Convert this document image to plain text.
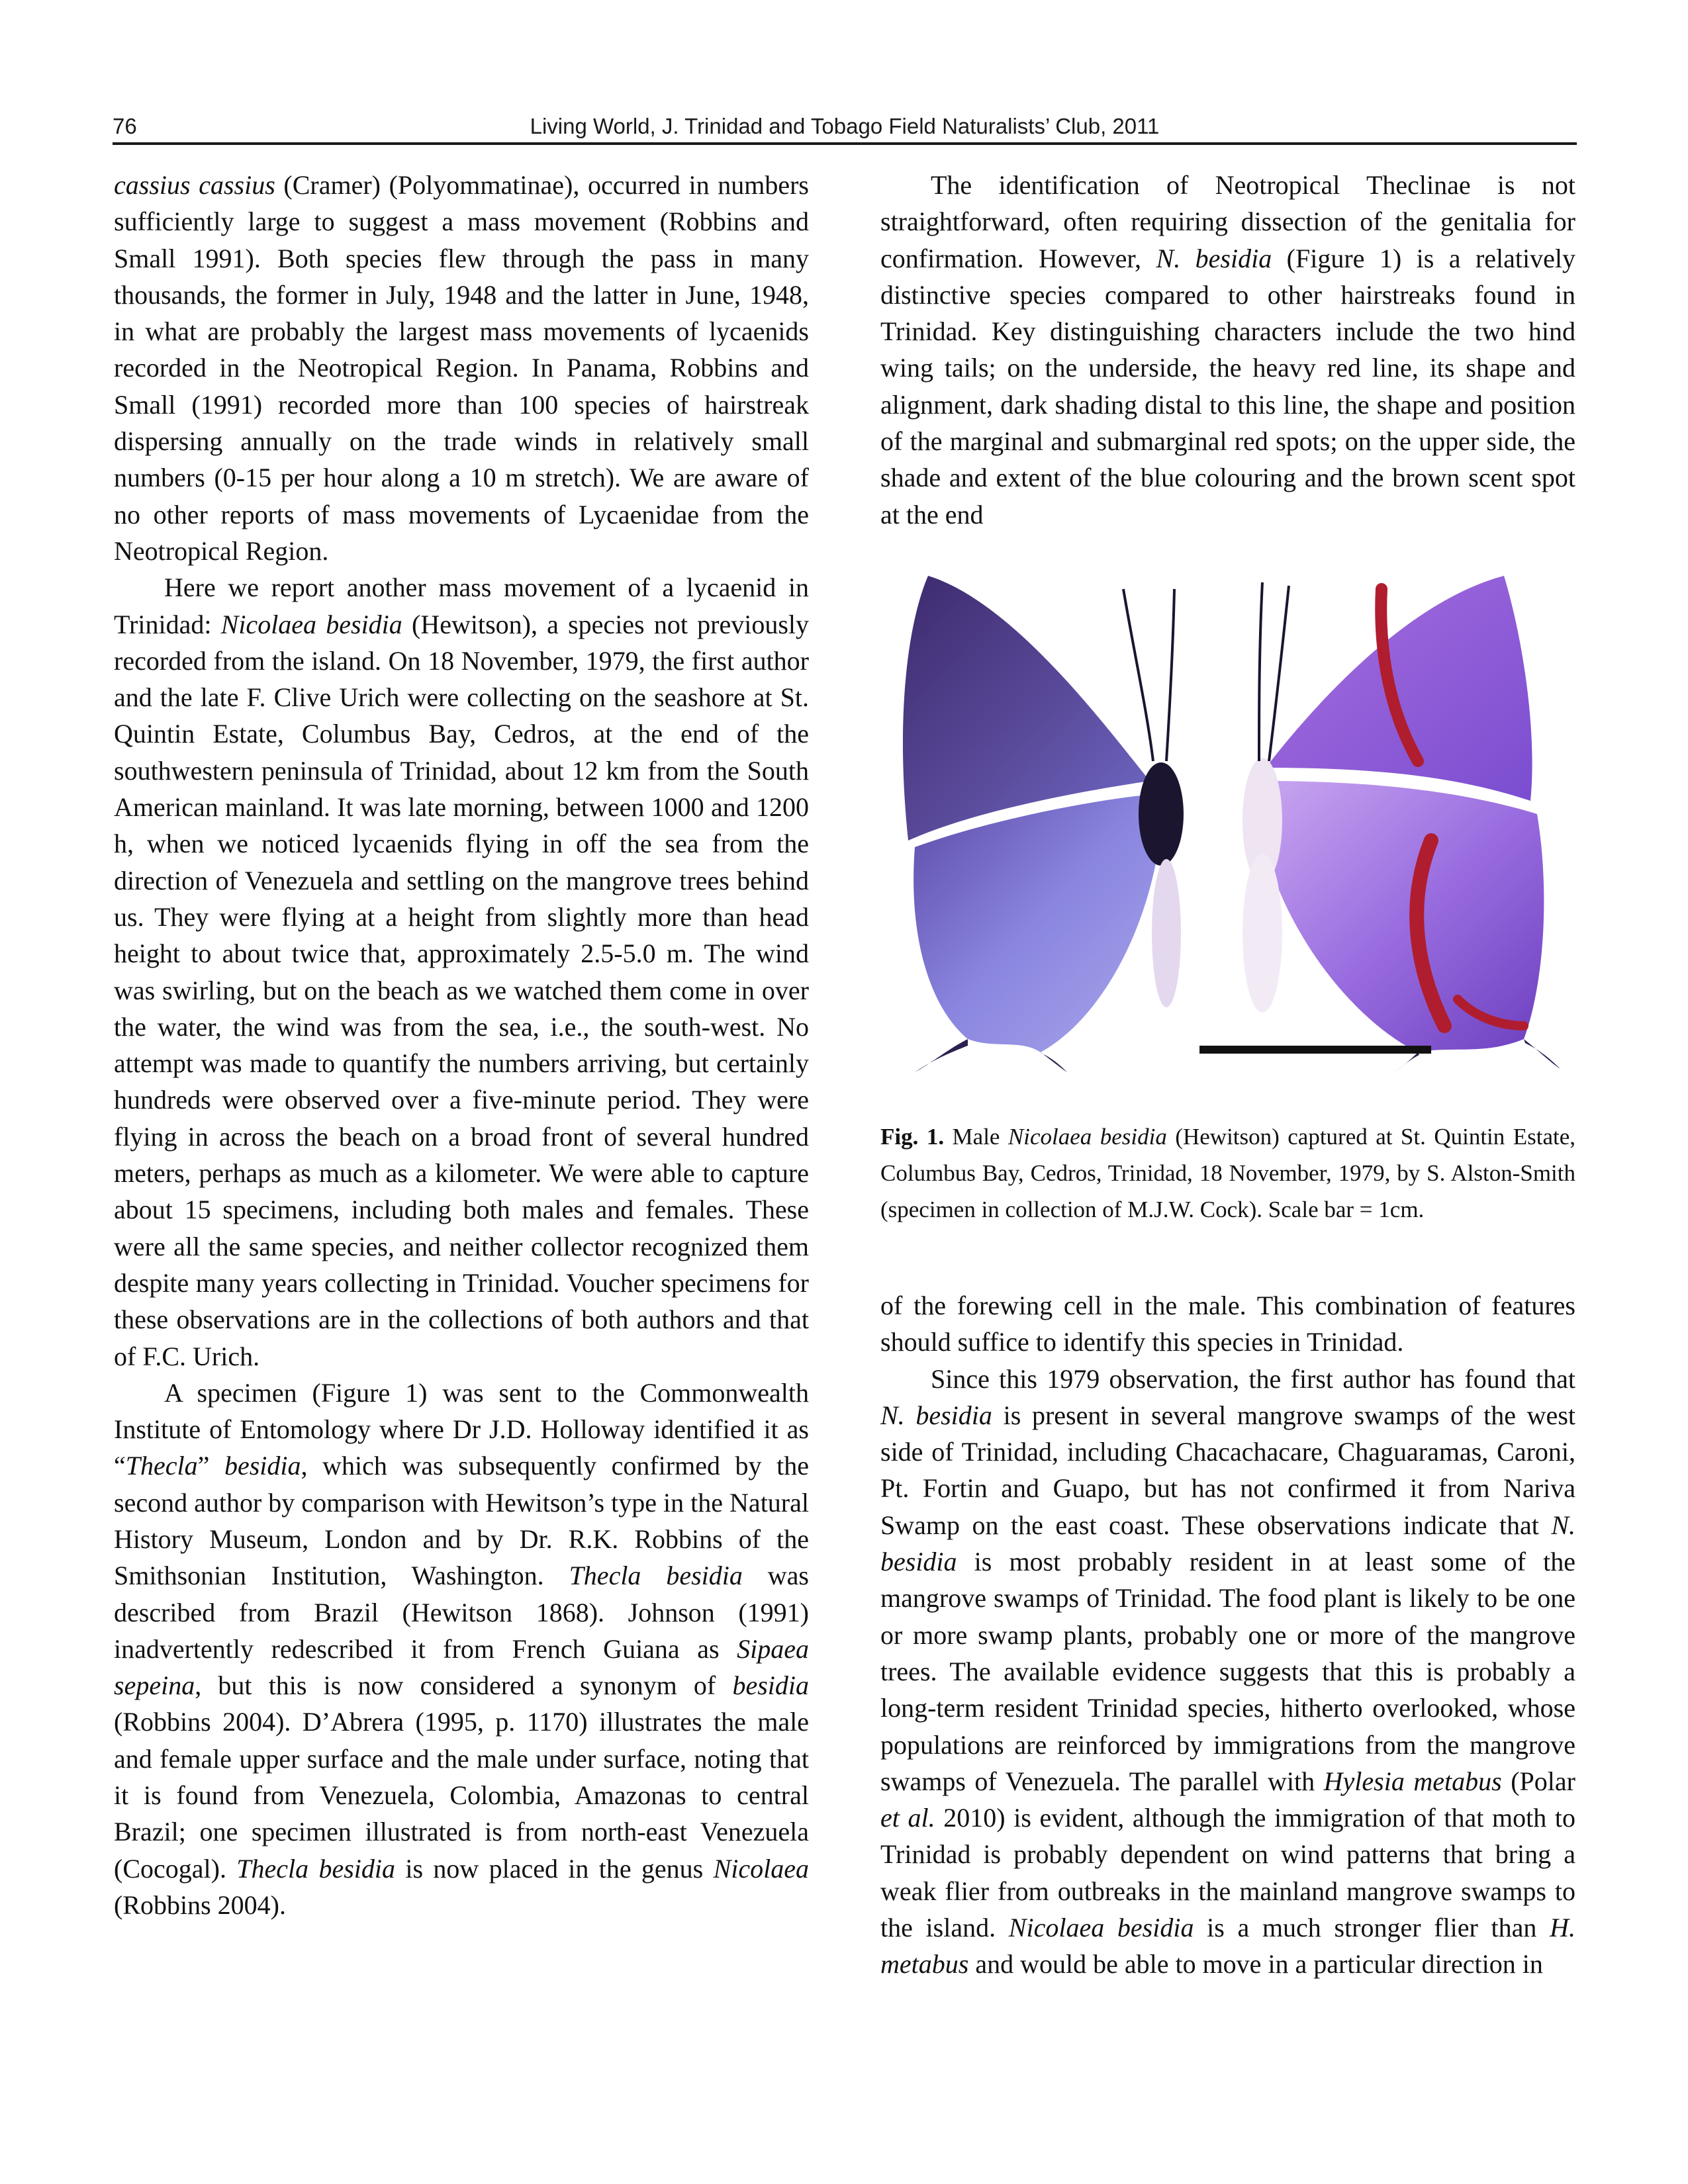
76	Living World, J. Trinidad and Tobago Field Naturalists’ Club, 2011

cassius cassius (Cramer) (Polyommatinae), occurred in numbers sufficiently large to suggest a mass movement (Robbins and Small 1991). Both species flew through the pass in many thousands, the former in July, 1948 and the latter in June, 1948, in what are probably the largest mass movements of lycaenids recorded in the Neotropical Region. In Panama, Robbins and Small (1991) recorded more than 100 species of hairstreak dispersing annually on the trade winds in relatively small numbers (0-15 per hour along a 10 m stretch). We are aware of no other reports of mass movements of Lycaenidae from the Neotropical Region.

Here we report another mass movement of a lycaenid in Trinidad: Nicolaea besidia (Hewitson), a species not previously recorded from the island. On 18 November, 1979, the first author and the late F. Clive Urich were collecting on the seashore at St. Quintin Estate, Columbus Bay, Cedros, at the end of the southwestern peninsula of Trinidad, about 12 km from the South American mainland. It was late morning, between 1000 and 1200 h, when we noticed lycaenids flying in off the sea from the direction of Venezuela and settling on the mangrove trees behind us. They were flying at a height from slightly more than head height to about twice that, approximately 2.5-5.0 m. The wind was swirling, but on the beach as we watched them come in over the water, the wind was from the sea, i.e., the south-west. No attempt was made to quantify the numbers arriving, but certainly hundreds were observed over a five-minute period. They were flying in across the beach on a broad front of several hundred meters, perhaps as much as a kilometer. We were able to capture about 15 specimens, including both males and females. These were all the same species, and neither collector recognized them despite many years collecting in Trinidad. Voucher specimens for these observations are in the collections of both authors and that of F.C. Urich.

A specimen (Figure 1) was sent to the Commonwealth Institute of Entomology where Dr J.D. Holloway identified it as “Thecla” besidia, which was subsequently confirmed by the second author by comparison with Hewitson’s type in the Natural History Museum, London and by Dr. R.K. Robbins of the Smithsonian Institution, Washington. Thecla besidia was described from Brazil (Hewitson 1868). Johnson (1991) inadvertently redescribed it from French Guiana as Sipaea sepeina, but this is now considered a synonym of besidia (Robbins 2004). D’Abrera (1995, p. 1170) illustrates the male and female upper surface and the male under surface, noting that it is found from Venezuela, Colombia, Amazonas to central Brazil; one specimen illustrated is from north-east Venezuela (Cocogal). Thecla besidia is now placed in the genus Nicolaea (Robbins 2004).

The identification of Neotropical Theclinae is not straightforward, often requiring dissection of the genitalia for confirmation. However, N. besidia (Figure 1) is a relatively distinctive species compared to other hairstreaks found in Trinidad. Key distinguishing characters include the two hind wing tails; on the underside, the heavy red line, its shape and alignment, dark shading distal to this line, the shape and position of the marginal and submarginal red spots; on the upper side, the shade and extent of the blue colouring and the brown scent spot at the end

Fig. 1. Male Nicolaea besidia (Hewitson) captured at St. Quintin Estate, Columbus Bay, Cedros, Trinidad, 18 November, 1979, by S. Alston-Smith (specimen in collection of M.J.W. Cock). Scale bar = 1cm.

of the forewing cell in the male. This combination of features should suffice to identify this species in Trinidad.

Since this 1979 observation, the first author has found that N. besidia is present in several mangrove swamps of the west side of Trinidad, including Chacachacare, Chaguaramas, Caroni, Pt. Fortin and Guapo, but has not confirmed it from Nariva Swamp on the east coast. These observations indicate that N. besidia is most probably resident in at least some of the mangrove swamps of Trinidad. The food plant is likely to be one or more swamp plants, probably one or more of the mangrove trees. The available evidence suggests that this is probably a long-term resident Trinidad species, hitherto overlooked, whose populations are reinforced by immigrations from the mangrove swamps of Venezuela. The parallel with Hylesia metabus (Polar et al. 2010) is evident, although the immigration of that moth to Trinidad is probably dependent on wind patterns that bring a weak flier from outbreaks in the mainland mangrove swamps to the island. Nicolaea besidia is a much stronger flier than H. metabus and would be able to move in a particular direction in
